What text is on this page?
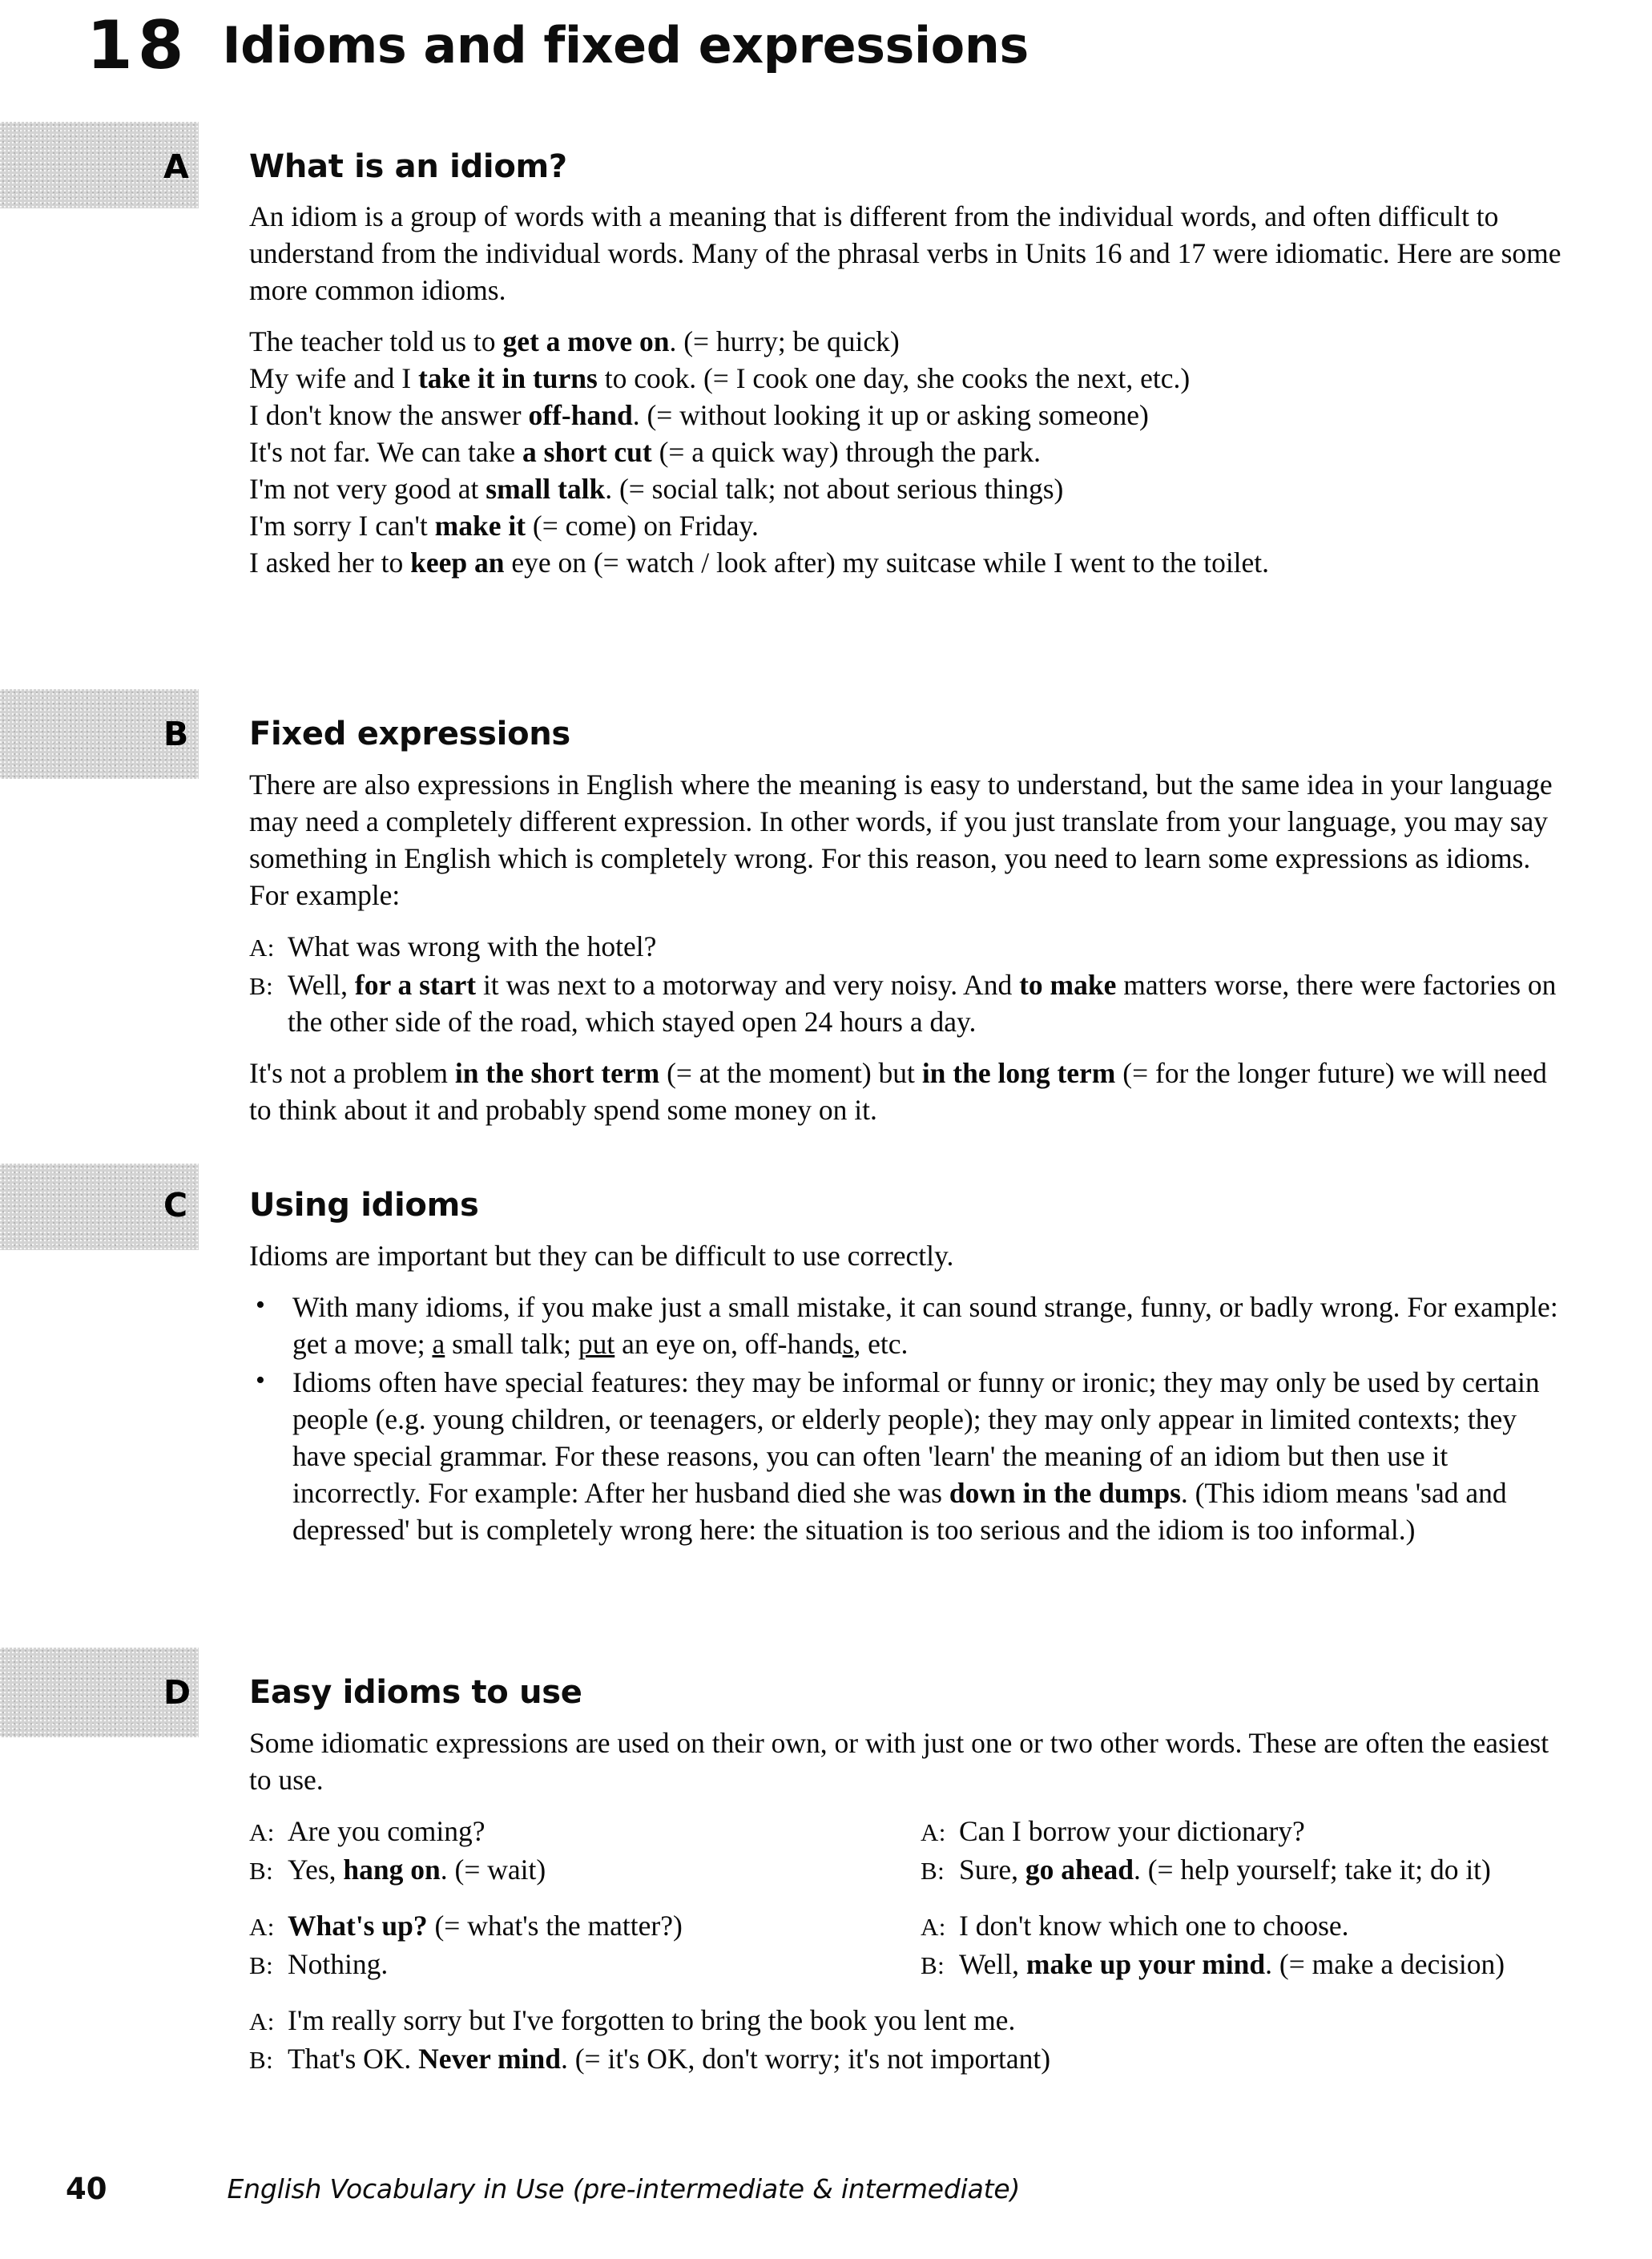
18 Idioms and fixed expressions
A What is an idiom?

An idiom is a group of words with a meaning that is different from the individual words, and often difficult to understand from the individual words. Many of the phrasal verbs in Units 16 and 17 were idiomatic. Here are some more common idioms.

The teacher told us to get a move on. (= hurry; be quick)
My wife and I take it in turns to cook. (= I cook one day, she cooks the next, etc.)
I don't know the answer off-hand. (= without looking it up or asking someone)
It's not far. We can take a short cut (= a quick way) through the park.
I'm not very good at small talk. (= social talk; not about serious things)
I'm sorry I can't make it (= come) on Friday.
I asked her to keep an eye on (= watch / look after) my suitcase while I went to the toilet.
B Fixed expressions

There are also expressions in English where the meaning is easy to understand, but the same idea in your language may need a completely different expression. In other words, if you just translate from your language, you may say something in English which is completely wrong. For this reason, you need to learn some expressions as idioms. For example:

A: What was wrong with the hotel?
B: Well, for a start it was next to a motorway and very noisy. And to make matters worse, there were factories on the other side of the road, which stayed open 24 hours a day.

It's not a problem in the short term (= at the moment) but in the long term (= for the longer future) we will need to think about it and probably spend some money on it.

C Using idioms

Idioms are important but they can be difficult to use correctly.

• With many idioms, if you make just a small mistake, it can sound strange, funny, or badly wrong. For example: get a move; a small talk; put an eye on, off-hands, etc.
• Idioms often have special features: they may be informal or funny or ironic; they may only be used by certain people (e.g. young children, or teenagers, or elderly people); they may only appear in limited contexts; they have special grammar. For these reasons, you can often 'learn' the meaning of an idiom but then use it incorrectly. For example: After her husband died she was down in the dumps. (This idiom means 'sad and depressed' but is completely wrong here: the situation is too serious and the idiom is too informal.)
D Easy idioms to use

Some idiomatic expressions are used on their own, or with just one or two other words. These are often the easiest to use.

A: Are you coming?
B: Yes, hang on. (= wait)
A: Can I borrow your dictionary?
B: Sure, go ahead. (= help yourself; take it; do it)
A: What's up? (= what's the matter?)
B: Nothing.
A: I don't know which one to choose.
B: Well, make up your mind. (= make a decision)
A: I'm really sorry but I've forgotten to bring the book you lent me.
B: That's OK. Never mind. (= it's OK, don't worry; it's not important)
40	English Vocabulary in Use (pre-intermediate & intermediate)
